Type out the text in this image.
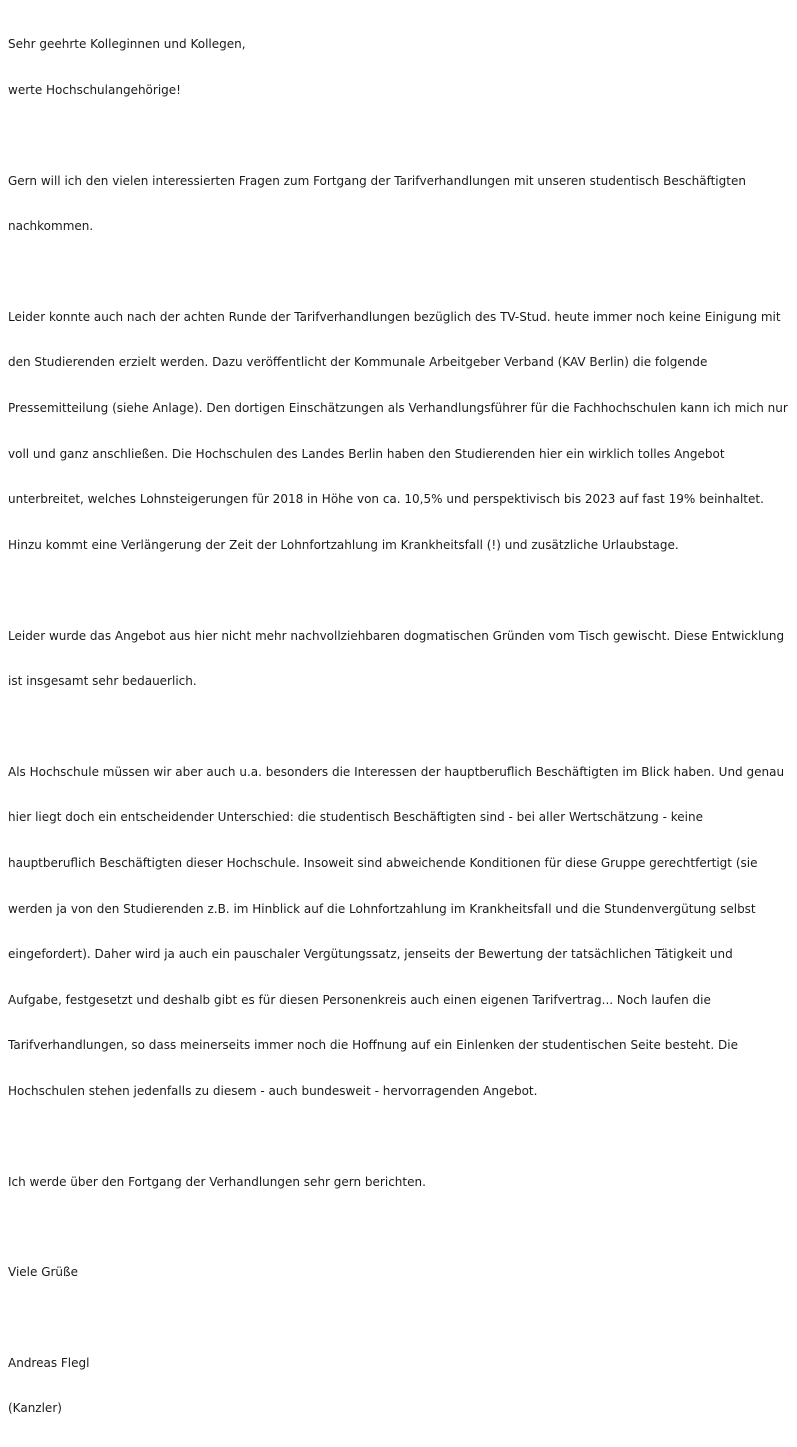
Sehr geehrte Kolleginnen und Kollegen,

werte Hochschulangehörige!

Gern will ich den vielen interessierten Fragen zum Fortgang der Tarifverhandlungen mit unseren studentisch Beschäftigten

nachkommen.

Leider konnte auch nach der achten Runde der Tarifverhandlungen bezüglich des TV-Stud. heute immer noch keine Einigung mit

den Studierenden erzielt werden. Dazu veröffentlicht der Kommunale Arbeitgeber Verband (KAV Berlin) die folgende

Pressemitteilung (siehe Anlage). Den dortigen Einschätzungen als Verhandlungsführer für die Fachhochschulen kann ich mich nur

voll und ganz anschließen. Die Hochschulen des Landes Berlin haben den Studierenden hier ein wirklich tolles Angebot

unterbreitet, welches Lohnsteigerungen für 2018 in Höhe von ca. 10,5% und perspektivisch bis 2023 auf fast 19% beinhaltet.

Hinzu kommt eine Verlängerung der Zeit der Lohnfortzahlung im Krankheitsfall (!) und zusätzliche Urlaubstage.

Leider wurde das Angebot aus hier nicht mehr nachvollziehbaren dogmatischen Gründen vom Tisch gewischt. Diese Entwicklung

ist insgesamt sehr bedauerlich.

Als Hochschule müssen wir aber auch u.a. besonders die Interessen der hauptberuflich Beschäftigten im Blick haben. Und genau

hier liegt doch ein entscheidender Unterschied: die studentisch Beschäftigten sind - bei aller Wertschätzung - keine

hauptberuflich Beschäftigten dieser Hochschule. Insoweit sind abweichende Konditionen für diese Gruppe gerechtfertigt (sie

werden ja von den Studierenden z.B. im Hinblick auf die Lohnfortzahlung im Krankheitsfall und die Stundenvergütung selbst

eingefordert). Daher wird ja auch ein pauschaler Vergütungssatz, jenseits der Bewertung der tatsächlichen Tätigkeit und

Aufgabe, festgesetzt und deshalb gibt es für diesen Personenkreis auch einen eigenen Tarifvertrag... Noch laufen die

Tarifverhandlungen, so dass meinerseits immer noch die Hoffnung auf ein Einlenken der studentischen Seite besteht. Die

Hochschulen stehen jedenfalls zu diesem - auch bundesweit - hervorragenden Angebot.

Ich werde über den Fortgang der Verhandlungen sehr gern berichten.

Viele Grüße

Andreas Flegl

(Kanzler)
